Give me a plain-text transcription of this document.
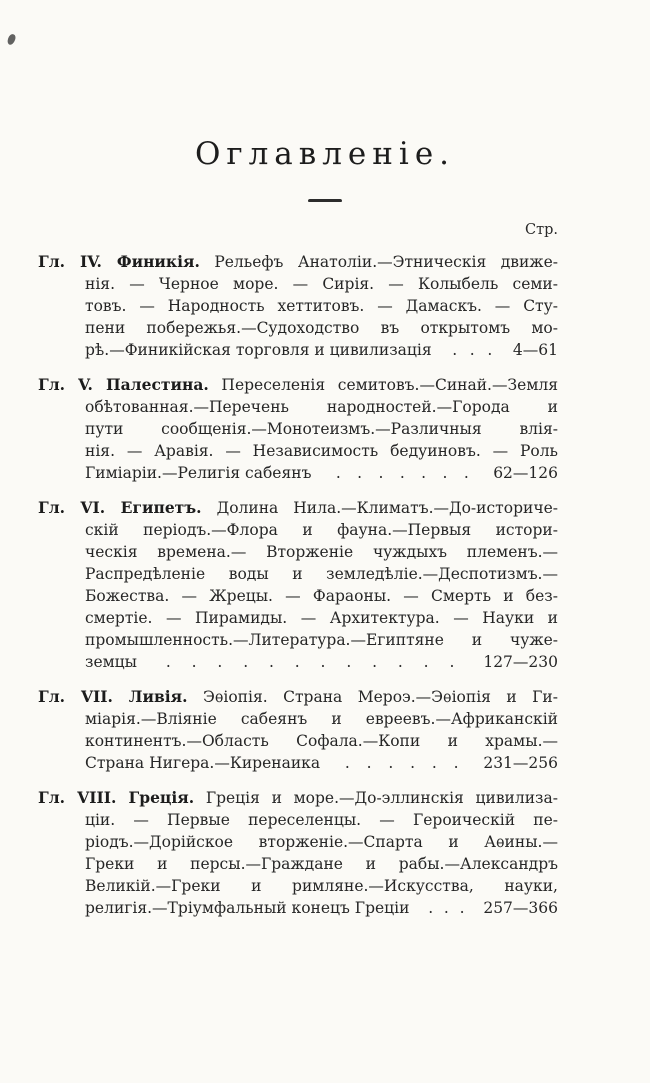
Оглавленіе.
Стр.
Гл. IV. Финикія. Рельефъ Анатоліи.—Этническія движе-
нія. — Черное море. — Сирія. — Колыбель семи-
товъ. — Народность хеттитовъ. — Дамаскъ. — Сту-
пени побережья.—Судоходство въ открытомъ мо-
рѣ.—Финикійская торговля и цивилизація . . . 4—61
Гл. V. Палестина. Переселенія семитовъ.—Синай.—Земля
обѣтованная.—Перечень народностей.—Города и
пути сообщенія.—Монотеизмъ.—Различныя влія-
нія. — Аравія. — Независимость бедуиновъ. — Роль
Гиміаріи.—Религія сабеянъ . . . . . . . 62—126
Гл. VI. Египетъ. Долина Нила.—Климатъ.—До-историче-
скій періодъ.—Флора и фауна.—Первыя истори-
ческія времена.— Вторженіе чуждыхъ племенъ.—
Распредѣленіе воды и земледѣліе.—Деспотизмъ.—
Божества. — Жрецы. — Фараоны. — Смерть и без-
смертіе. — Пирамиды. — Архитектура. — Науки и
промышленность.—Литература.—Египтяне и чуже-
земцы . . . . . . . . . . . . 127—230
Гл. VII. Ливія. Эѳіопія. Страна Мероэ.—Эѳіопія и Ги-
міарія.—Вліяніе сабеянъ и евреевъ.—Африканскій
континентъ.—Область Софала.—Копи и храмы.—
Страна Нигера.—Киренаика . . . . . . 231—256
Гл. VIII. Греція. Греція и море.—До-эллинскія цивилиза-
ціи. — Первые переселенцы. — Героическій пе-
ріодъ.—Дорійское вторженіе.—Спарта и Аѳины.—
Греки и персы.—Граждане и рабы.—Александръ
Великій.—Греки и римляне.—Искусства, науки,
религія.—Тріумфальный конецъ Греціи . . . 257—366
